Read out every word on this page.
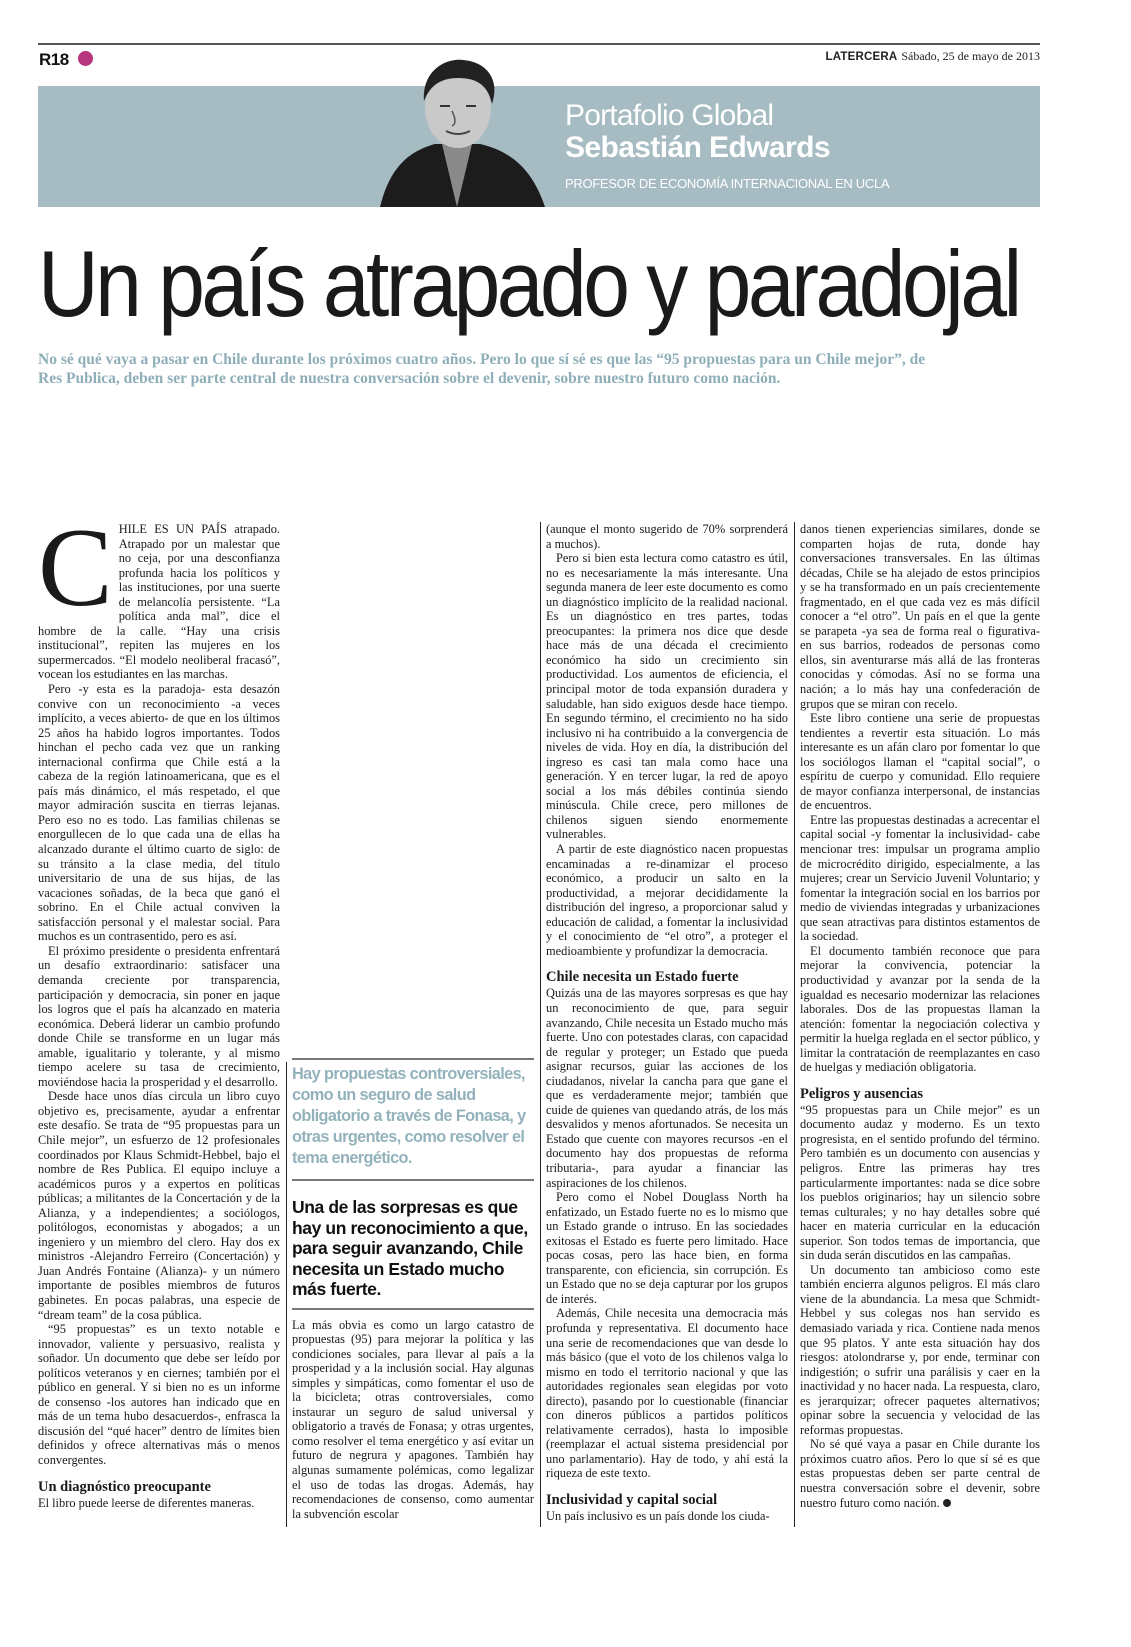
R18	LATERCERA Sábado, 25 de mayo de 2013
Portafolio Global
Sebastián Edwards
PROFESOR DE ECONOMÍA INTERNACIONAL EN UCLA
Un país atrapado y paradojal
No sé qué vaya a pasar en Chile durante los próximos cuatro años. Pero lo que sí sé es que las “95 propuestas para un Chile mejor”, de Res Publica, deben ser parte central de nuestra conversación sobre el devenir, sobre nuestro futuro como nación.

CHILE ES UN PAÍS atrapado. Atrapado por un malestar que no ceja, por una desconfianza profunda hacia los políticos y las instituciones, por una suerte de melancolía persistente. “La política anda mal”, dice el hombre de la calle. “Hay una crisis institucional”, repiten las mujeres en los supermercados. “El modelo neoliberal fracasó”, vocean los estudiantes en las marchas.

Pero -y esta es la paradoja- esta desazón convive con un reconocimiento -a veces implícito, a veces abierto- de que en los últimos 25 años ha habido logros importantes. Todos hinchan el pecho cada vez que un ranking internacional confirma que Chile está a la cabeza de la región latinoamericana, que es el país más dinámico, el más respetado, el que mayor admiración suscita en tierras lejanas. Pero eso no es todo. Las familias chilenas se enorgullecen de lo que cada una de ellas ha alcanzado durante el último cuarto de siglo: de su tránsito a la clase media, del título universitario de una de sus hijas, de las vacaciones soñadas, de la beca que ganó el sobrino. En el Chile actual conviven la satisfacción personal y el malestar social. Para muchos es un contrasentido, pero es así.

El próximo presidente o presidenta enfrentará un desafío extraordinario: satisfacer una demanda creciente por transparencia, participación y democracia, sin poner en jaque los logros que el país ha alcanzado en materia económica. Deberá liderar un cambio profundo donde Chile se transforme en un lugar más amable, igualitario y tolerante, y al mismo tiempo acelere su tasa de crecimiento, moviéndose hacia la prosperidad y el desarrollo.

Desde hace unos días circula un libro cuyo objetivo es, precisamente, ayudar a enfrentar este desafío. Se trata de “95 propuestas para un Chile mejor”, un esfuerzo de 12 profesionales coordinados por Klaus Schmidt-Hebbel, bajo el nombre de Res Publica. El equipo incluye a académicos puros y a expertos en políticas públicas; a militantes de la Concertación y de la Alianza, y a independientes; a sociólogos, politólogos, economistas y abogados; a un ingeniero y un miembro del clero. Hay dos ex ministros -Alejandro Ferreiro (Concertación) y Juan Andrés Fontaine (Alianza)- y un número importante de posibles miembros de futuros gabinetes. En pocas palabras, una especie de “dream team” de la cosa pública.

“95 propuestas” es un texto notable e innovador, valiente y persuasivo, realista y soñador. Un documento que debe ser leído por políticos veteranos y en ciernes; también por el público en general. Y si bien no es un informe de consenso -los autores han indicado que en más de un tema hubo desacuerdos-, enfrasca la discusión del “qué hacer” dentro de límites bien definidos y ofrece alternativas más o menos convergentes.

Un diagnóstico preocupante

El libro puede leerse de diferentes maneras.

Hay propuestas controversiales, como un seguro de salud obligatorio a través de Fonasa, y otras urgentes, como resolver el tema energético.
Una de las sorpresas es que hay un reconocimiento a que, para seguir avanzando, Chile necesita un Estado mucho más fuerte.

La más obvia es como un largo catastro de propuestas (95) para mejorar la política y las condiciones sociales, para llevar al país a la prosperidad y a la inclusión social. Hay algunas simples y simpáticas, como fomentar el uso de la bicicleta; otras controversiales, como instaurar un seguro de salud universal y obligatorio a través de Fonasa; y otras urgentes, como resolver el tema energético y así evitar un futuro de negrura y apagones. También hay algunas sumamente polémicas, como legalizar el uso de todas las drogas. Además, hay recomendaciones de consenso, como aumentar la subvención escolar

(aunque el monto sugerido de 70% sorprenderá a muchos).

Pero si bien esta lectura como catastro es útil, no es necesariamente la más interesante. Una segunda manera de leer este documento es como un diagnóstico implícito de la realidad nacional. Es un diagnóstico en tres partes, todas preocupantes: la primera nos dice que desde hace más de una década el crecimiento económico ha sido un crecimiento sin productividad. Los aumentos de eficiencia, el principal motor de toda expansión duradera y saludable, han sido exiguos desde hace tiempo. En segundo término, el crecimiento no ha sido inclusivo ni ha contribuido a la convergencia de niveles de vida. Hoy en día, la distribución del ingreso es casi tan mala como hace una generación. Y en tercer lugar, la red de apoyo social a los más débiles continúa siendo minúscula. Chile crece, pero millones de chilenos siguen siendo enormemente vulnerables.

A partir de este diagnóstico nacen propuestas encaminadas a re-dinamizar el proceso económico, a producir un salto en la productividad, a mejorar decididamente la distribución del ingreso, a proporcionar salud y educación de calidad, a fomentar la inclusividad y el conocimiento de “el otro”, a proteger el medioambiente y profundizar la democracia.

Chile necesita un Estado fuerte

Quizás una de las mayores sorpresas es que hay un reconocimiento de que, para seguir avanzando, Chile necesita un Estado mucho más fuerte. Uno con potestades claras, con capacidad de regular y proteger; un Estado que pueda asignar recursos, guiar las acciones de los ciudadanos, nivelar la cancha para que gane el que es verdaderamente mejor; también que cuide de quienes van quedando atrás, de los más desvalidos y menos afortunados. Se necesita un Estado que cuente con mayores recursos -en el documento hay dos propuestas de reforma tributaria-, para ayudar a financiar las aspiraciones de los chilenos.

Pero como el Nobel Douglass North ha enfatizado, un Estado fuerte no es lo mismo que un Estado grande o intruso. En las sociedades exitosas el Estado es fuerte pero limitado. Hace pocas cosas, pero las hace bien, en forma transparente, con eficiencia, sin corrupción. Es un Estado que no se deja capturar por los grupos de interés.

Además, Chile necesita una democracia más profunda y representativa. El documento hace una serie de recomendaciones que van desde lo más básico (que el voto de los chilenos valga lo mismo en todo el territorio nacional y que las autoridades regionales sean elegidas por voto directo), pasando por lo cuestionable (financiar con dineros públicos a partidos políticos relativamente cerrados), hasta lo imposible (reemplazar el actual sistema presidencial por uno parlamentario). Hay de todo, y ahí está la riqueza de este texto.

Inclusividad y capital social

Un país inclusivo es un país donde los ciuda-

danos tienen experiencias similares, donde se comparten hojas de ruta, donde hay conversaciones transversales. En las últimas décadas, Chile se ha alejado de estos principios y se ha transformado en un país crecientemente fragmentado, en el que cada vez es más difícil conocer a “el otro”. Un país en el que la gente se parapeta -ya sea de forma real o figurativa- en sus barrios, rodeados de personas como ellos, sin aventurarse más allá de las fronteras conocidas y cómodas. Así no se forma una nación; a lo más hay una confederación de grupos que se miran con recelo.

Este libro contiene una serie de propuestas tendientes a revertir esta situación. Lo más interesante es un afán claro por fomentar lo que los sociólogos llaman el “capital social”, o espíritu de cuerpo y comunidad. Ello requiere de mayor confianza interpersonal, de instancias de encuentros.

Entre las propuestas destinadas a acrecentar el capital social -y fomentar la inclusividad- cabe mencionar tres: impulsar un programa amplio de microcrédito dirigido, especialmente, a las mujeres; crear un Servicio Juvenil Voluntario; y fomentar la integración social en los barrios por medio de viviendas integradas y urbanizaciones que sean atractivas para distintos estamentos de la sociedad.

El documento también reconoce que para mejorar la convivencia, potenciar la productividad y avanzar por la senda de la igualdad es necesario modernizar las relaciones laborales. Dos de las propuestas llaman la atención: fomentar la negociación colectiva y permitir la huelga reglada en el sector público, y limitar la contratación de reemplazantes en caso de huelgas y mediación obligatoria.

Peligros y ausencias

“95 propuestas para un Chile mejor” es un documento audaz y moderno. Es un texto progresista, en el sentido profundo del término. Pero también es un documento con ausencias y peligros. Entre las primeras hay tres particularmente importantes: nada se dice sobre los pueblos originarios; hay un silencio sobre temas culturales; y no hay detalles sobre qué hacer en materia curricular en la educación superior. Son todos temas de importancia, que sin duda serán discutidos en las campañas.

Un documento tan ambicioso como este también encierra algunos peligros. El más claro viene de la abundancia. La mesa que Schmidt-Hebbel y sus colegas nos han servido es demasiado variada y rica. Contiene nada menos que 95 platos. Y ante esta situación hay dos riesgos: atolondrarse y, por ende, terminar con indigestión; o sufrir una parálisis y caer en la inactividad y no hacer nada. La respuesta, claro, es jerarquizar; ofrecer paquetes alternativos; opinar sobre la secuencia y velocidad de las reformas propuestas.

No sé qué vaya a pasar en Chile durante los próximos cuatro años. Pero lo que sí sé es que estas propuestas deben ser parte central de nuestra conversación sobre el devenir, sobre nuestro futuro como nación.
